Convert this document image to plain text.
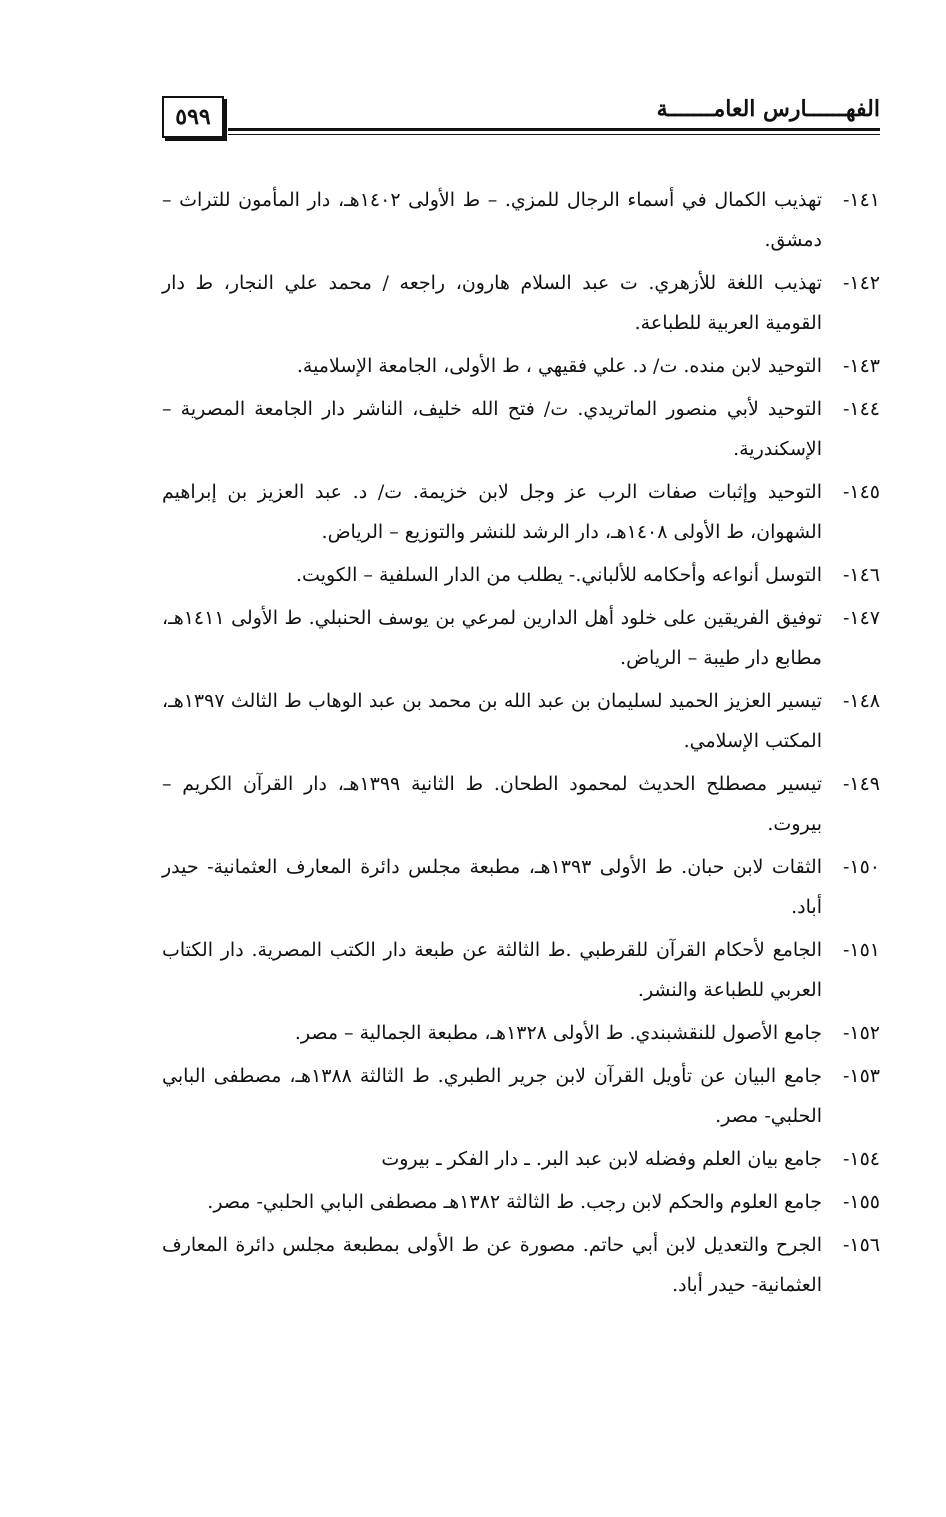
٥٩٩	الفهــــــارس العامـــــــة
١٤١-
تهذيب الكمال في أسماء الرجال للمزي. – ط الأولى ١٤٠٢هـ، دار المأمون للتراث – دمشق.
١٤٢-
تهذيب اللغة للأزهري. ت عبد السلام هارون، راجعه / محمد علي النجار، ط دار القومية العربية للطباعة.
١٤٣-
التوحيد لابن منده. ت/ د. علي فقيهي ، ط الأولى، الجامعة الإسلامية.
١٤٤-
التوحيد لأبي منصور الماتريدي. ت/ فتح الله خليف، الناشر دار الجامعة المصرية – الإسكندرية.
١٤٥-
التوحيد وإثبات صفات الرب عز وجل لابن خزيمة. ت/ د. عبد العزيز بن إبراهيم الشهوان، ط الأولى ١٤٠٨هـ، دار الرشد للنشر والتوزيع – الرياض.
١٤٦-
التوسل أنواعه وأحكامه للألباني.- يطلب من الدار السلفية – الكويت.
١٤٧-
توفيق الفريقين على خلود أهل الدارين لمرعي بن يوسف الحنبلي. ط الأولى ١٤١١هـ، مطابع دار طيبة – الرياض.
١٤٨-
تيسير العزيز الحميد لسليمان بن عبد الله بن محمد بن عبد الوهاب ط الثالث ١٣٩٧هـ، المكتب الإسلامي.
١٤٩-
تيسير مصطلح الحديث لمحمود الطحان. ط الثانية ١٣٩٩هـ، دار القرآن الكريم – بيروت.
١٥٠-
الثقات لابن حبان. ط الأولى ١٣٩٣هـ، مطبعة مجلس دائرة المعارف العثمانية- حيدر أباد.
١٥١-
الجامع لأحكام القرآن للقرطبي .ط الثالثة عن طبعة دار الكتب المصرية. دار الكتاب العربي للطباعة والنشر.
١٥٢-
جامع الأصول للنقشبندي. ط الأولى ١٣٢٨هـ، مطبعة الجمالية – مصر.
١٥٣-
جامع البيان عن تأويل القرآن لابن جرير الطبري. ط الثالثة ١٣٨٨هـ، مصطفى البابي الحلبي- مصر.
١٥٤-
جامع بيان العلم وفضله لابن عبد البر. ـ دار الفكر ـ بيروت
١٥٥-
جامع العلوم والحكم لابن رجب. ط الثالثة ١٣٨٢هـ مصطفى البابي الحلبي- مصر.
١٥٦-
الجرح والتعديل لابن أبي حاتم. مصورة عن ط الأولى بمطبعة مجلس دائرة المعارف العثمانية- حيدر أباد.
